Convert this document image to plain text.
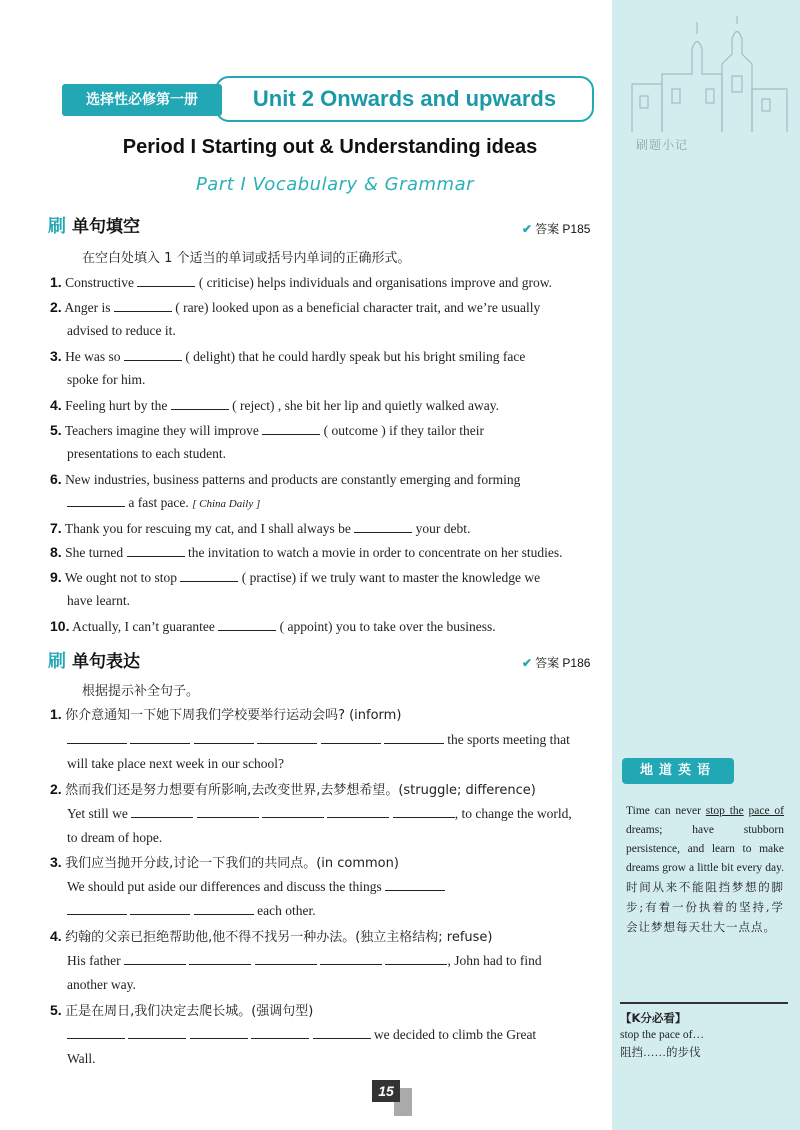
刷题小记
Unit 2 Onwards and upwards
选择性必修第一册
Period I Starting out & Understanding ideas
Part I Vocabulary & Grammar
刷 单句填空	✔ 答案 P185
在空白处填入 1 个适当的单词或括号内单词的正确形式。
1. Constructive	( criticise) helps individuals and organisations improve and grow.
2. Anger is	( rare) looked upon as a beneficial character trait, and we’re usually
advised to reduce it.
3. He was so	( delight) that he could hardly speak but his bright smiling face
spoke for him.
4. Feeling hurt by the	( reject) , she bit her lip and quietly walked away.
5. Teachers imagine they will improve	( outcome ) if they tailor their
presentations to each student.
6. New industries, business patterns and products are constantly emerging and forming
a fast pace. [ China Daily ]
7. Thank you for rescuing my cat, and I shall always be	your debt.
8. She turned	the invitation to watch a movie in order to concentrate on her studies.
9. We ought not to stop	( practise) if we truly want to master the knowledge we
have learnt.
10. Actually, I can’t guarantee	( appoint) you to take over the business.
刷 单句表达	✔ 答案 P186
根据提示补全句子。
1. 你介意通知一下她下周我们学校要举行运动会吗? (inform)
the sports meeting that
will take place next week in our school?
2. 然而我们还是努力想要有所影响,去改变世界,去梦想希望。(struggle; difference)
Yet still we	, to change the world,
to dream of hope.
3. 我们应当抛开分歧,讨论一下我们的共同点。(in common)
We should put aside our differences and discuss the things
each other.
4. 约翰的父亲已拒绝帮助他,他不得不找另一种办法。(独立主格结构; refuse)
His father	, John had to find
another way.
5. 正是在周日,我们决定去爬长城。(强调句型)
we decided to climb the Great
Wall.
地道英语
Time can never stop the pace of dreams; have stubborn persistence, and learn to make dreams grow a little bit every day. 时间从来不能阻挡梦想的脚步;有着一份执着的坚持,学会让梦想每天壮大一点点。
【K分必看】
stop the pace of…
阻挡……的步伐
15
